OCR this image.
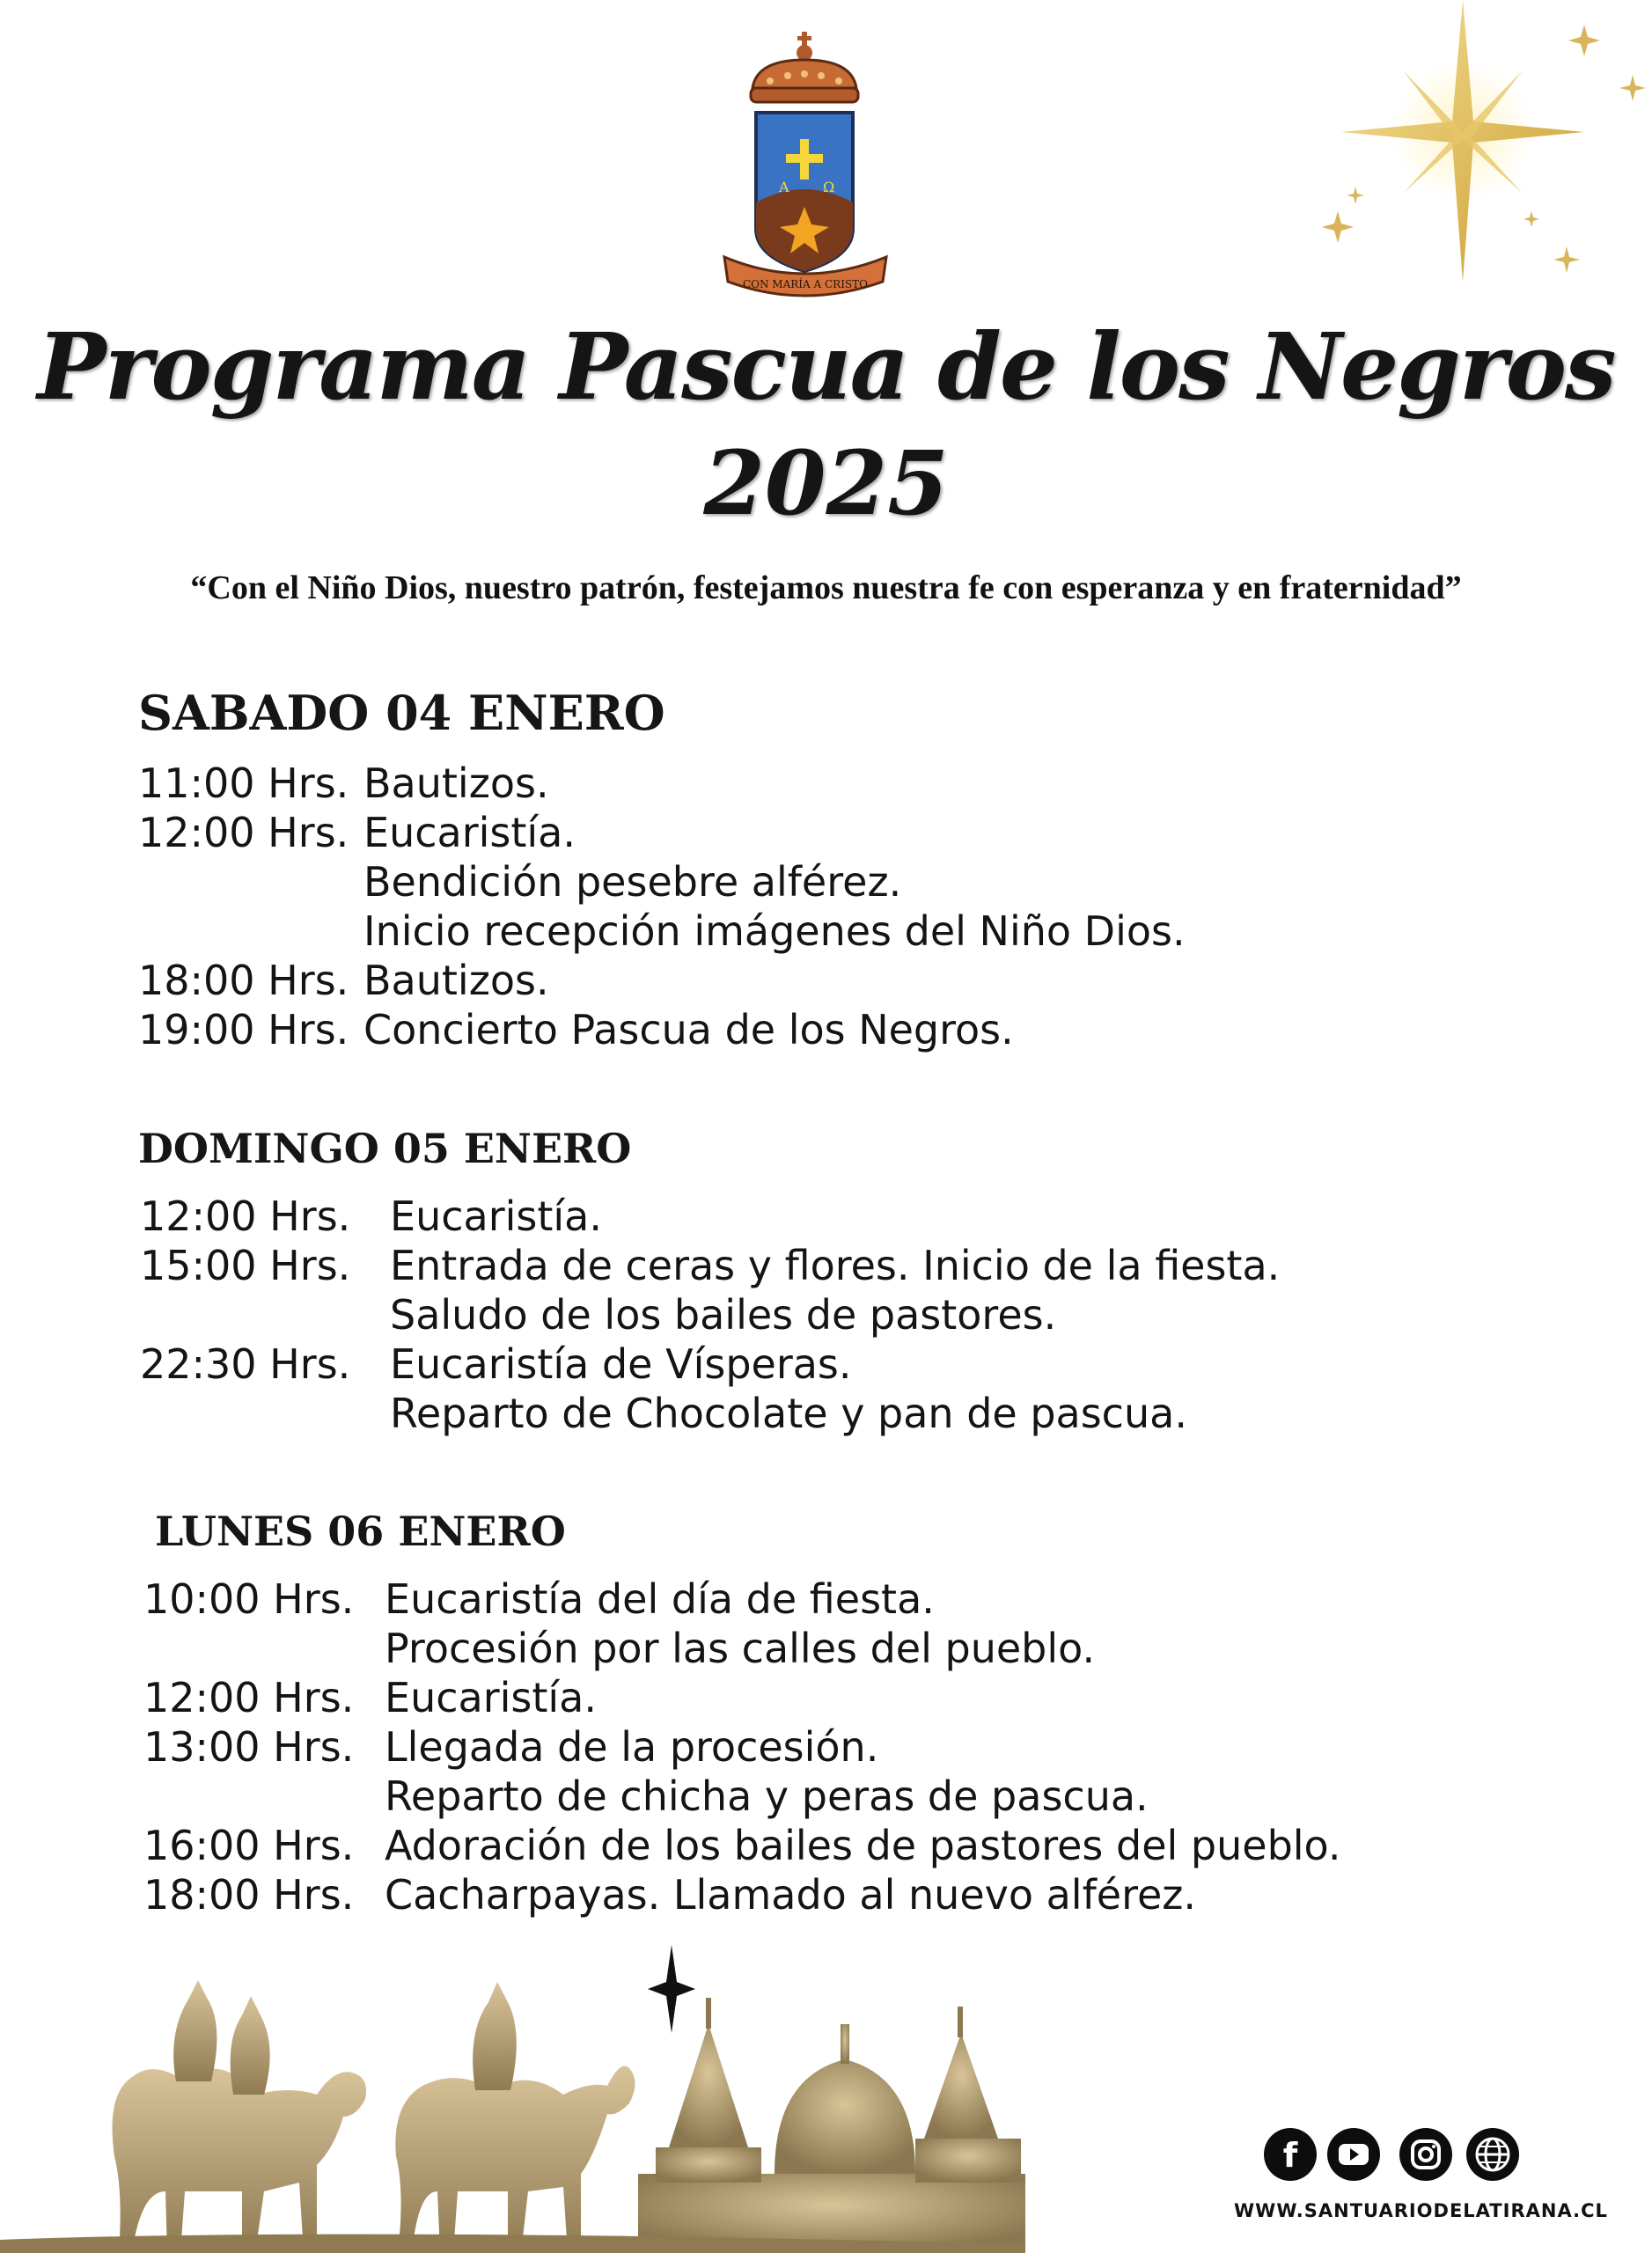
A Ω
CON MARÍA A CRISTO
Programa Pascua de los Negros
2025
“Con el Niño Dios, nuestro patrón, festejamos nuestra fe con esperanza y en fraternidad”
SABADO 04 ENERO
11:00 Hrs. Bautizos.
12:00 Hrs. Eucaristía.
Bendición pesebre alférez.
Inicio recepción imágenes del Niño Dios.
18:00 Hrs. Bautizos.
19:00 Hrs. Concierto Pascua de los Negros.
DOMINGO 05 ENERO
12:00 Hrs. Eucaristía.
15:00 Hrs. Entrada de ceras y flores. Inicio de la fiesta.
Saludo de los bailes de pastores.
22:30 Hrs. Eucaristía de Vísperas.
Reparto de Chocolate y pan de pascua.
LUNES 06 ENERO
10:00 Hrs. Eucaristía del día de fiesta.
Procesión por las calles del pueblo.
12:00 Hrs. Eucaristía.
13:00 Hrs. Llegada de la procesión.
Reparto de chicha y peras de pascua.
16:00 Hrs. Adoración de los bailes de pastores del pueblo.
18:00 Hrs. Cacharpayas. Llamado al nuevo alférez.
f
WWW.SANTUARIODELATIRANA.CL
